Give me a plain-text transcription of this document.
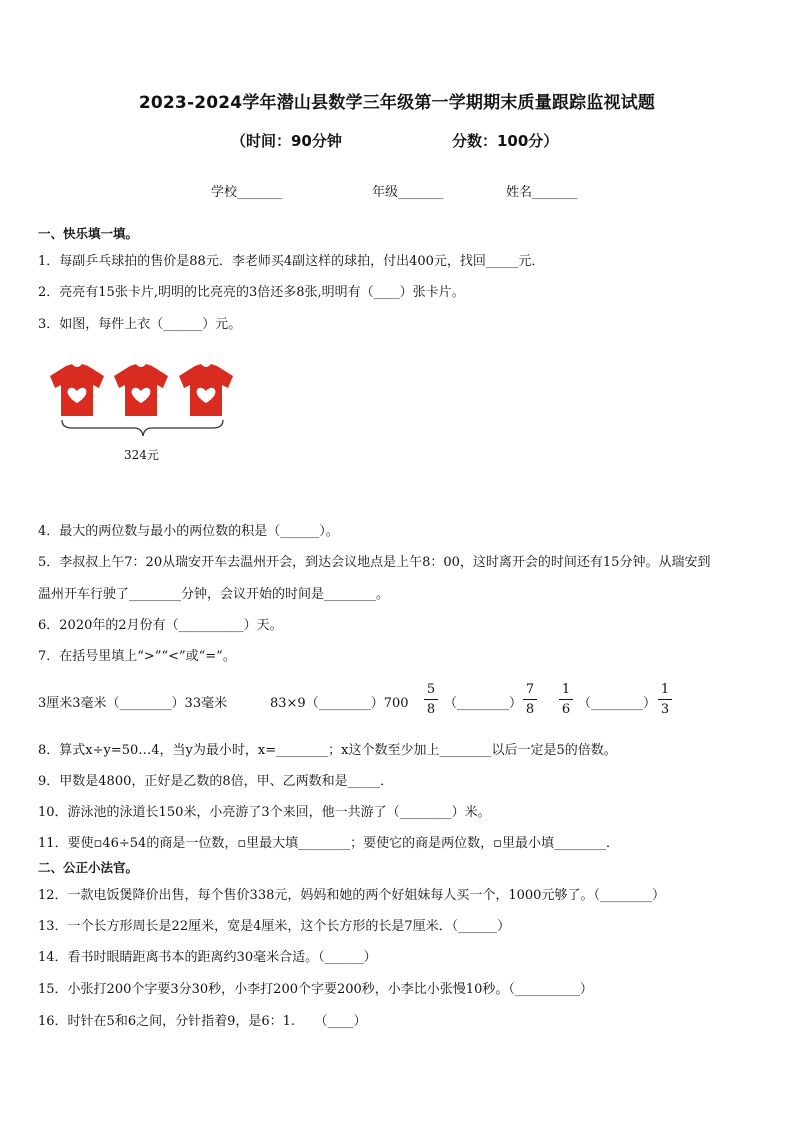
2023-2024学年潜山县数学三年级第一学期期末质量跟踪监视试题
（时间：90分钟	分数：100分）
学校_______	年级_______	姓名_______
一、快乐填一填。
1．每副乒乓球拍的售价是88元．李老师买4副这样的球拍，付出400元，找回_____元．
2．亮亮有15张卡片,明明的比亮亮的3倍还多8张,明明有（____）张卡片。
3．如图，每件上衣（______）元。
324元
4．最大的两位数与最小的两位数的积是（______）。
5．李叔叔上午7：20从瑞安开车去温州开会，到达会议地点是上午8：00，这时离开会的时间还有15分钟。从瑞安到
温州开车行驶了________分钟，会议开始的时间是________。
6．2020年的2月份有（__________）天。
7．在括号里填上“>”“<”或“=”。
3厘米3毫米（________）33毫米	83×9（________）700
5
8 （________）
7
8
1
6 （________）
1
3
8．算式x÷y=50…4，当y为最小时，x=________；x这个数至少加上________以后一定是5的倍数。
9．甲数是4800，正好是乙数的8倍，甲、乙两数和是_____．
10．游泳池的泳道长150米，小亮游了3个来回，他一共游了（________）米。
11．要使▫46÷54的商是一位数，▫里最大填________；要使它的商是两位数，▫里最小填________．
二、公正小法官。
12．一款电饭煲降价出售，每个售价338元，妈妈和她的两个好姐妹每人买一个，1000元够了。（________）
13．一个长方形周长是22厘米，宽是4厘米，这个长方形的长是7厘米．（______）
14．看书时眼睛距离书本的距离约30毫米合适。（______）
15．小张打200个字要3分30秒，小李打200个字要200秒，小李比小张慢10秒。（__________）
16．时针在5和6之间，分针指着9，是6：1.　　（____）
